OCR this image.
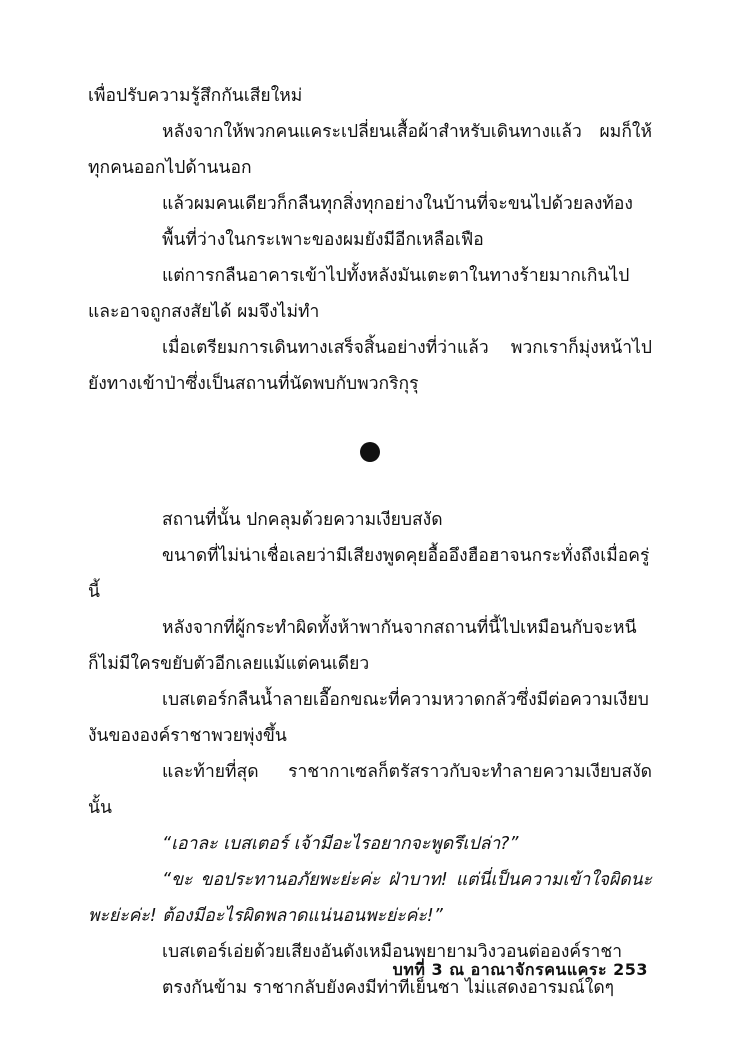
เพื่อปรับความรู้สึกกันเสียใหม่

หลังจากให้พวกคนแคระเปลี่ยนเสื้อผ้าสำหรับเดินทางแล้ว ผมก็ให้ทุกคนออกไปด้านนอก

แล้วผมคนเดียวก็กลืนทุกสิ่งทุกอย่างในบ้านที่จะขนไปด้วยลงท้อง

พื้นที่ว่างในกระเพาะของผมยังมีอีกเหลือเฟือ

แต่การกลืนอาคารเข้าไปทั้งหลังมันเตะตาในทางร้ายมากเกินไปและอาจถูกสงสัยได้ ผมจึงไม่ทำ

เมื่อเตรียมการเดินทางเสร็จสิ้นอย่างที่ว่าแล้ว พวกเราก็มุ่งหน้าไปยังทางเข้าป่าซึ่งเป็นสถานที่นัดพบกับพวกริกุรุ

สถานที่นั้น ปกคลุมด้วยความเงียบสงัด

ขนาดที่ไม่น่าเชื่อเลยว่ามีเสียงพูดคุยอื้ออึงฮือฮาจนกระทั่งถึงเมื่อครู่นี้

หลังจากที่ผู้กระทำผิดทั้งห้าพากันจากสถานที่นี้ไปเหมือนกับจะหนี ก็ไม่มีใครขยับตัวอีกเลยแม้แต่คนเดียว

เบสเตอร์กลืนน้ำลายเอื๊อกขณะที่ความหวาดกลัวซึ่งมีต่อความเงียบงันขององค์ราชาพวยพุ่งขึ้น

และท้ายที่สุด ราชากาเซลก็ตรัสราวกับจะทำลายความเงียบสงัดนั้น

“เอาละ เบสเตอร์ เจ้ามีอะไรอยากจะพูดรึเปล่า?”

“ขะ ขอประทานอภัยพะย่ะค่ะ ฝ่าบาท! แต่นี่เป็นความเข้าใจผิดนะพะย่ะค่ะ! ต้องมีอะไรผิดพลาดแน่นอนพะย่ะค่ะ!”

เบสเตอร์เอ่ยด้วยเสียงอันดังเหมือนพยายามวิงวอนต่อองค์ราชา

ตรงกันข้าม ราชากลับยังคงมีท่าทีเย็นชา ไม่แสดงอารมณ์ใดๆ

บทที่ 3 ณ อาณาจักรคนแคระ 253
